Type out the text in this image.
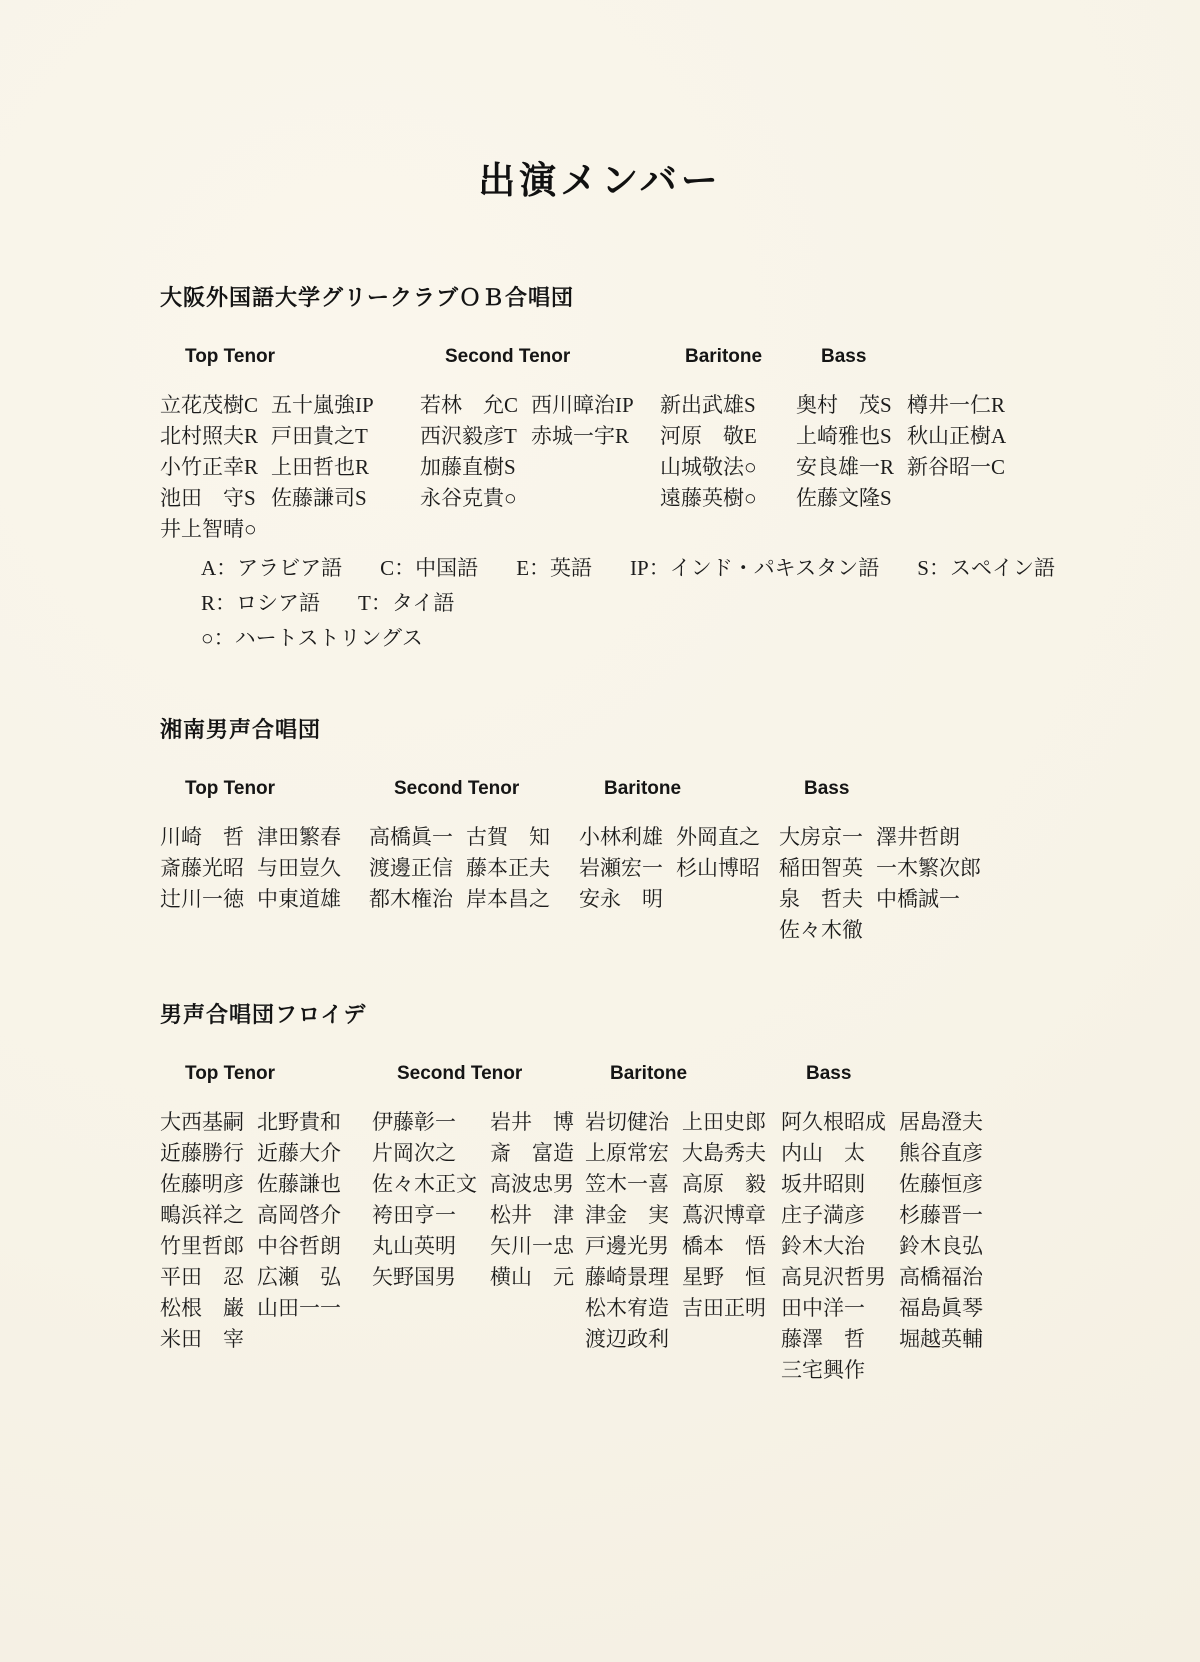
出演メンバー
大阪外国語大学グリークラブＯＢ合唱団
Top Tenor
立花茂樹C
北村照夫R
小竹正幸R
池田　守S
井上智晴○
五十嵐強IP
戸田貴之T
上田哲也R
佐藤謙司S
Second Tenor
若林　允C
西沢毅彦T
加藤直樹S
永谷克貴○
西川暲治IP
赤城一宇R
Baritone
新出武雄S
河原　敬E
山城敬法○
遠藤英樹○
Bass
奥村　茂S
上崎雅也S
安良雄一R
佐藤文隆S
樽井一仁R
秋山正樹A
新谷昭一C
A：アラビア語 C：中国語 E：英語 IP：インド・パキスタン語 S：スペイン語
R：ロシア語 T：タイ語
○：ハートストリングス
湘南男声合唱団
Top Tenor
川崎　哲
斎藤光昭
辻川一徳
津田繁春
与田豈久
中東道雄
Second Tenor
高橋眞一
渡邊正信
都木権治
古賀　知
藤本正夫
岸本昌之
Baritone
小林利雄
岩瀬宏一
安永　明
外岡直之
杉山博昭
Bass
大房京一
稲田智英
泉　哲夫
佐々木徹
澤井哲朗
一木繁次郎
中橋誠一
男声合唱団フロイデ
Top Tenor
大西基嗣
近藤勝行
佐藤明彦
鴫浜祥之
竹里哲郎
平田　忍
松根　巌
米田　宰
北野貴和
近藤大介
佐藤謙也
高岡啓介
中谷哲朗
広瀬　弘
山田一一
Second Tenor
伊藤彰一
片岡次之
佐々木正文
袴田亨一
丸山英明
矢野国男
岩井　博
斎　富造
高波忠男
松井　津
矢川一忠
横山　元
Baritone
岩切健治
上原常宏
笠木一喜
津金　実
戸邊光男
藤崎景理
松木宥造
渡辺政利
上田史郎
大島秀夫
高原　毅
蔦沢博章
橋本　悟
星野　恒
吉田正明
Bass
阿久根昭成
内山　太
坂井昭則
庄子満彦
鈴木大治
高見沢哲男
田中洋一
藤澤　哲
三宅興作
居島澄夫
熊谷直彦
佐藤恒彦
杉藤晋一
鈴木良弘
高橋福治
福島眞琴
堀越英輔
